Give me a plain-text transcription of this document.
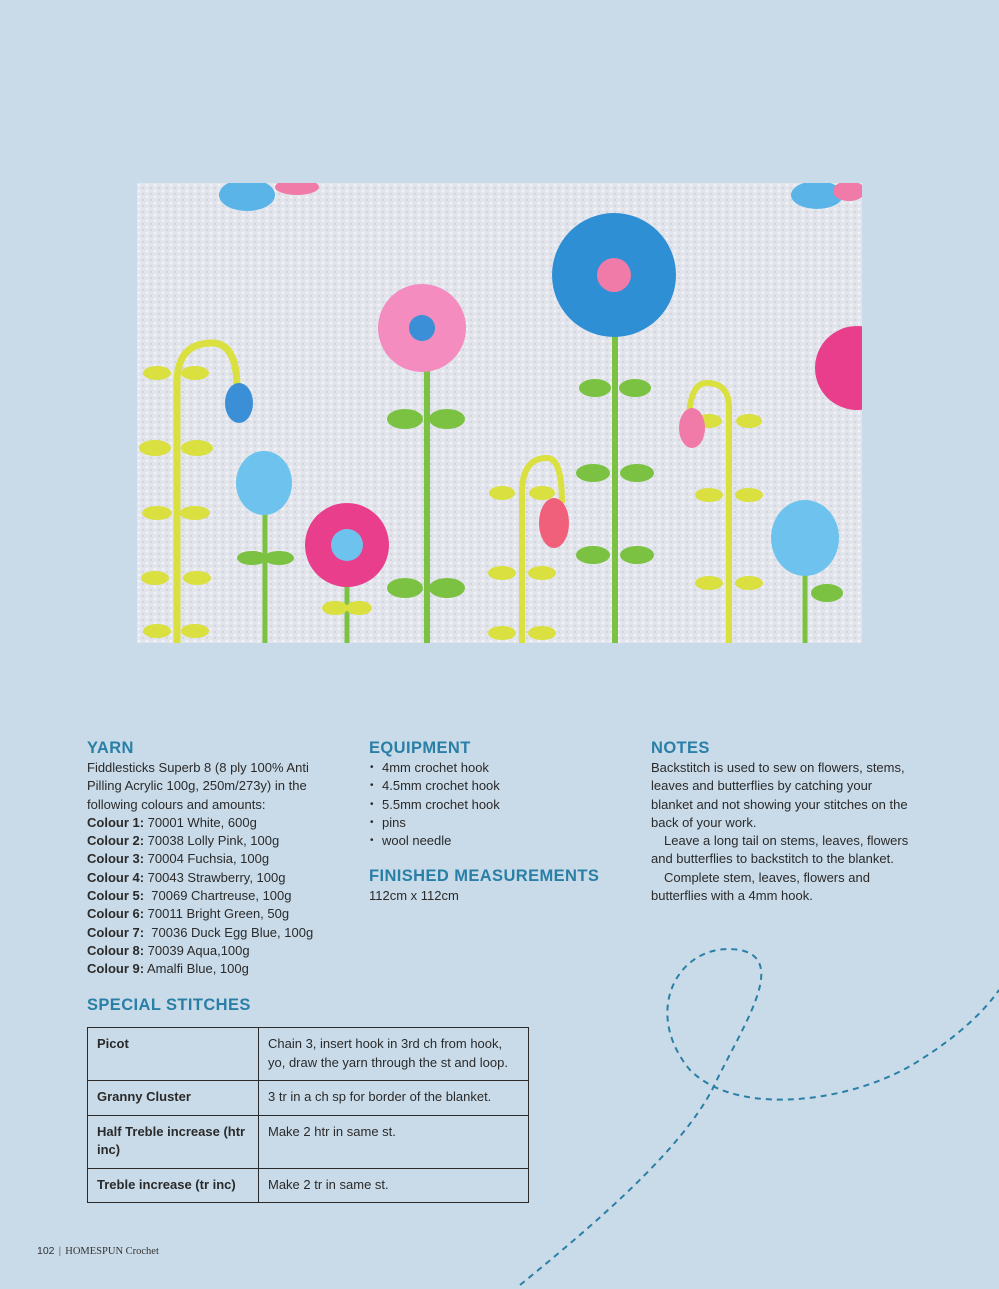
YARN

Fiddlesticks Superb 8 (8 ply 100% Anti Pilling Acrylic 100g, 250m/273y) in the following colours and amounts:

Colour 1: 70001 White, 600g
Colour 2: 70038 Lolly Pink, 100g
Colour 3: 70004 Fuchsia, 100g
Colour 4: 70043 Strawberry, 100g
Colour 5:  70069 Chartreuse, 100g
Colour 6: 70011 Bright Green, 50g
Colour 7:  70036 Duck Egg Blue, 100g
Colour 8: 70039 Aqua,100g
Colour 9: Amalfi Blue, 100g
EQUIPMENT
• 4mm crochet hook
• 4.5mm crochet hook
• 5.5mm crochet hook
• pins
• wool needle
FINISHED MEASUREMENTS

112cm x 112cm

NOTES

Backstitch is used to sew on flowers, stems, leaves and butterflies by catching your blanket and not showing your stitches on the back of your work.

Leave a long tail on stems, leaves, flowers and butterflies to backstitch to the blanket.

Complete stem, leaves, flowers and butterflies with a 4mm hook.

SPECIAL STITCHES
Picot	Chain 3, insert hook in 3rd ch from hook, yo, draw the yarn through the st and loop.
Granny Cluster	3 tr in a ch sp for border of the blanket.
Half Treble increase (htr inc)	Make 2 htr in same st.
Treble increase (tr inc)	Make 2 tr in same st.
102 | HOMESPUN Crochet
